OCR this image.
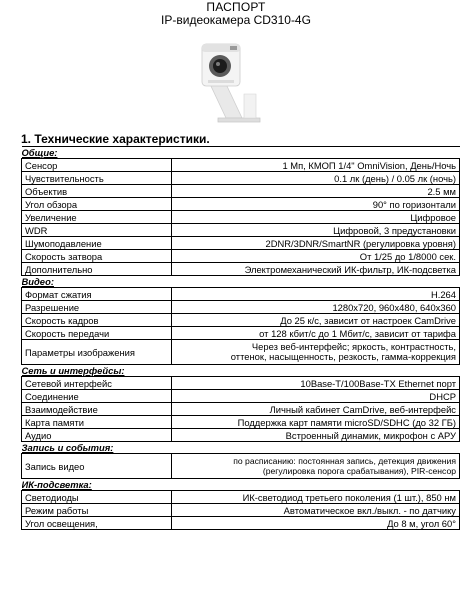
ПАСПОРТ
IP-видеокамера CD310-4G
1. Технические характеристики.
Общие:	
Сенсор	1 Мп, КМОП 1/4" OmniVision, День/Ночь
Чувствительность	0.1 лк (день) / 0.05 лк (ночь)
Объектив	2.5 мм
Угол обзора	90° по горизонтали
Увеличение	Цифровое
WDR	Цифровой, 3 предустановки
Шумоподавление	2DNR/3DNR/SmartNR (регулировка уровня)
Скорость затвора	От 1/25 до 1/8000 сек.
Дополнительно	Электромеханический ИК-фильтр, ИК-подсветка
Видео:	
Формат сжатия	H.264
Разрешение	1280x720, 960x480, 640x360
Скорость кадров	До 25 к/с, зависит от настроек CamDrive
Скорость передачи	от 128 кбит/с до 1 Мбит/с, зависит от тарифа
Параметры изображения	Через веб-интерфейс; яркость, контрастность,
оттенок, насыщенность, резкость, гамма-коррекция

Сеть и интерфейсы:	
Сетевой интерфейс	10Base-T/100Base-TX Ethernet порт
Соединение	DHCP
Взаимодействие	Личный кабинет CamDrive, веб-интерфейс
Карта памяти	Поддержка карт памяти microSD/SDHC (до 32 ГБ)
Аудио	Встроенный динамик, микрофон с АРУ
Запись и события:	
Запись видео	по расписанию: постоянная запись, детекция движения
(регулировка порога срабатывания), PIR-сенсор

ИК-подсветка:	
Светодиоды	ИК-светодиод третьего поколения (1 шт.), 850 нм
Режим работы	Автоматическое вкл./выкл. - по датчику
Угол освещения,	До 8 м, угол 60°
